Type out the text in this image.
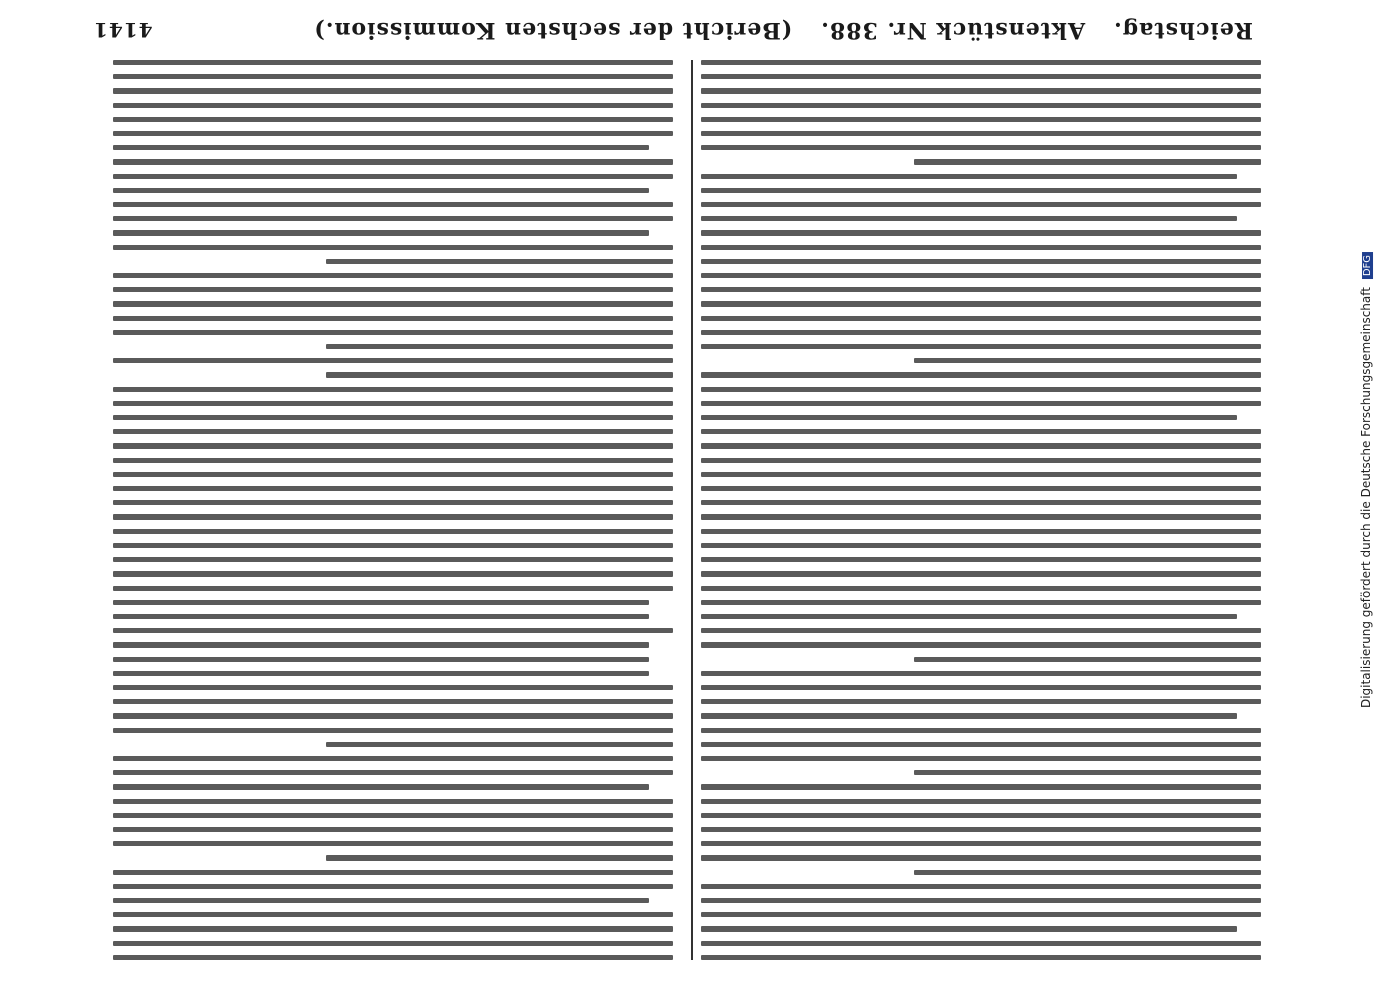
Reichstag.
Aktenstück Nr. 388.
(Bericht der sechsten Kommission.)
4141
Digitalisierung gefördert durch die Deutsche Forschungsgemeinschaft DFG
